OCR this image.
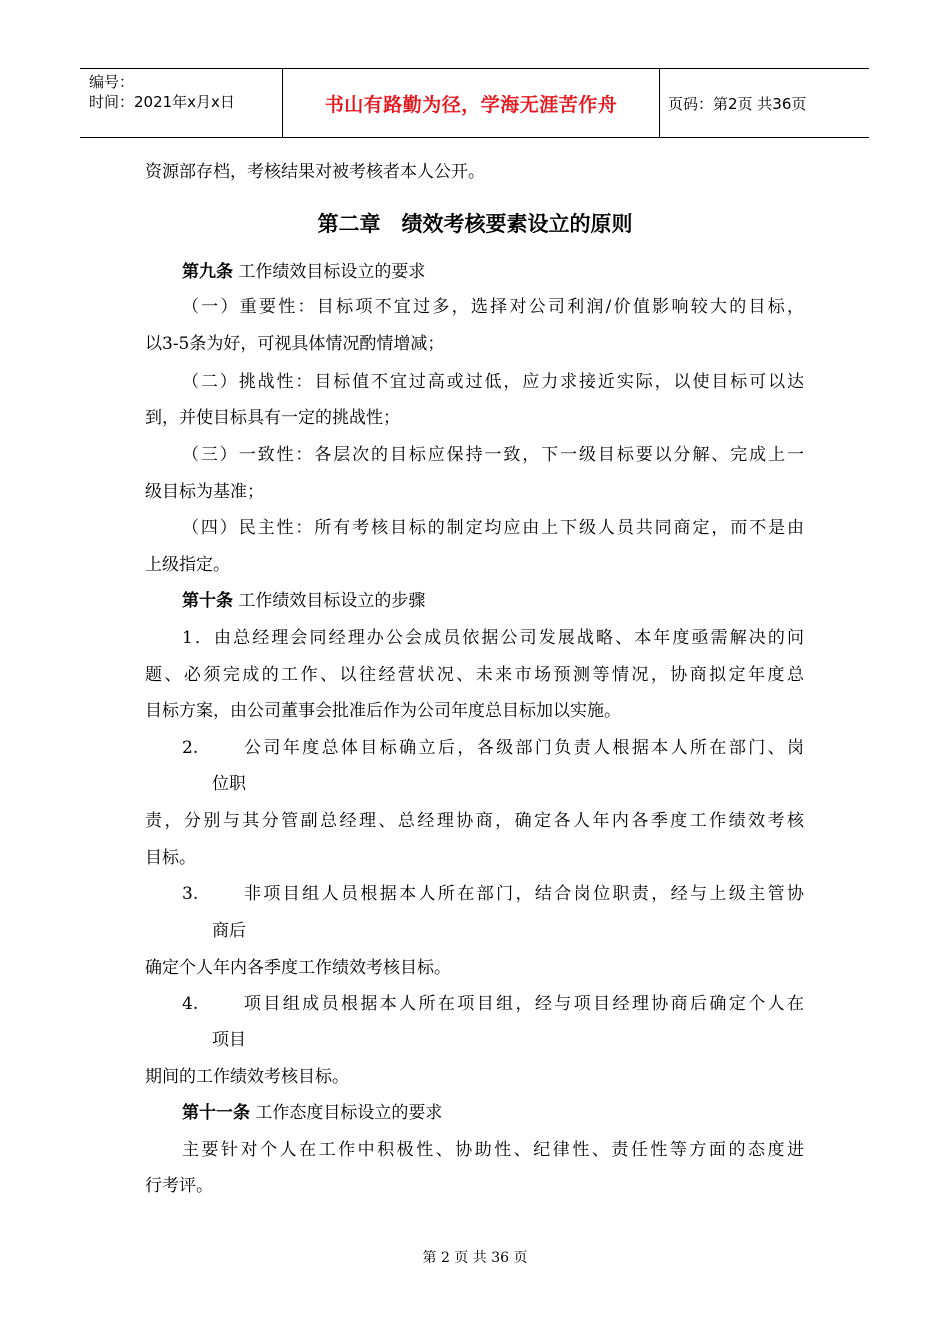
编号：
时间：2021年x月x日	书山有路勤为径，学海无涯苦作舟	页码：第2页 共36页
资源部存档，考核结果对被考核者本人公开。
第二章　绩效考核要素设立的原则
第九条 工作绩效目标设立的要求
（一）重要性：目标项不宜过多，选择对公司利润/价值影响较大的目标，
以3-5条为好，可视具体情况酌情增减；
（二）挑战性：目标值不宜过高或过低，应力求接近实际，以使目标可以达
到，并使目标具有一定的挑战性；
（三）一致性：各层次的目标应保持一致，下一级目标要以分解、完成上一
级目标为基准；
（四）民主性：所有考核目标的制定均应由上下级人员共同商定，而不是由
上级指定。
第十条 工作绩效目标设立的步骤
1．由总经理会同经理办公会成员依据公司发展战略、本年度亟需解决的问
题、必须完成的工作、以往经营状况、未来市场预测等情况，协商拟定年度总
目标方案，由公司董事会批准后作为公司年度总目标加以实施。
2.	公司年度总体目标确立后，各级部门负责人根据本人所在部门、岗
位职
责，分别与其分管副总经理、总经理协商，确定各人年内各季度工作绩效考核
目标。
3.	非项目组人员根据本人所在部门，结合岗位职责，经与上级主管协
商后
确定个人年内各季度工作绩效考核目标。
4.	项目组成员根据本人所在项目组，经与项目经理协商后确定个人在
项目
期间的工作绩效考核目标。
第十一条 工作态度目标设立的要求
主要针对个人在工作中积极性、协助性、纪律性、责任性等方面的态度进
行考评。
第 2 页 共 36 页
